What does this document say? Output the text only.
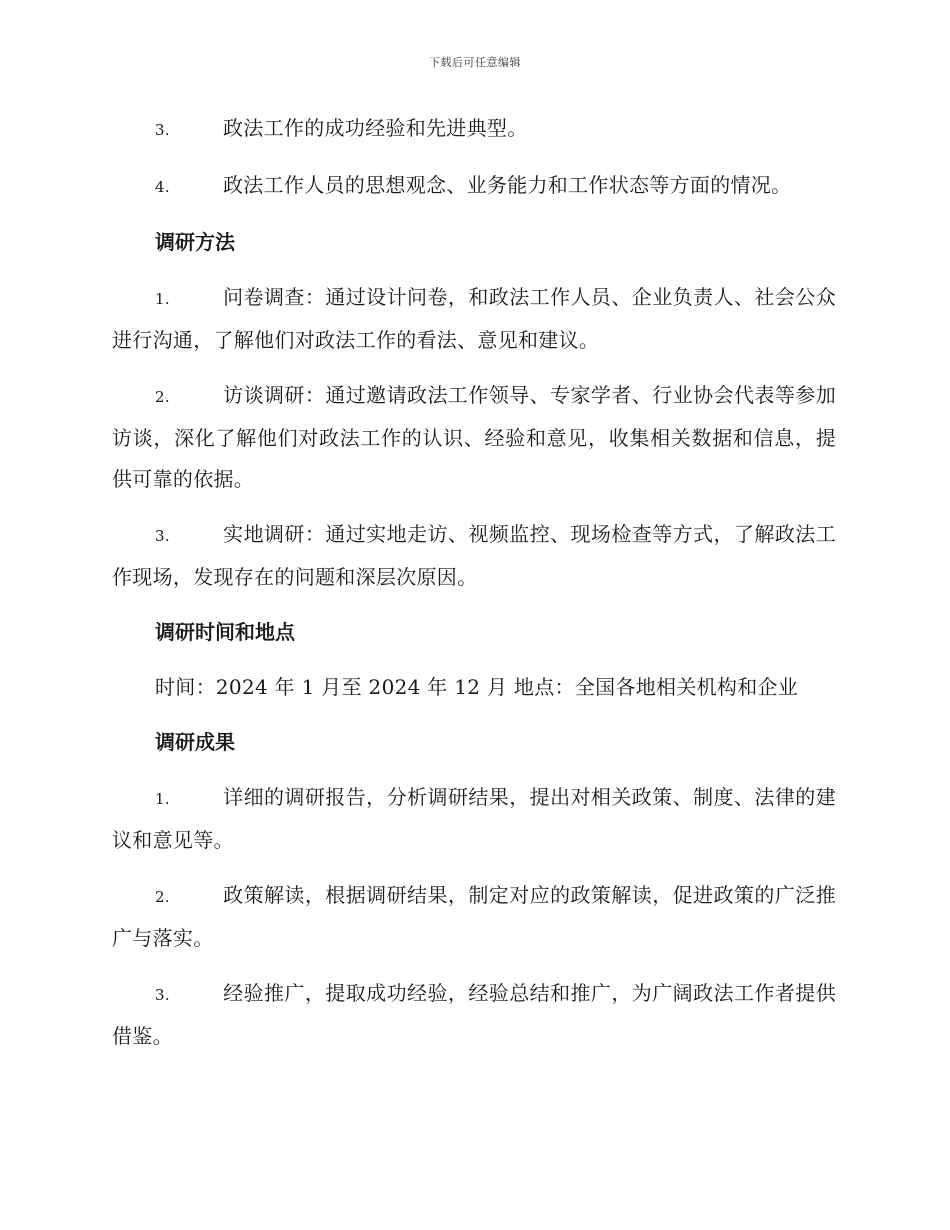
下载后可任意编辑

3.	政法工作的成功经验和先进典型。

4.	政法工作人员的思想观念、业务能力和工作状态等方面的情况。

调研方法

1.	问卷调查：通过设计问卷，和政法工作人员、企业负责人、社会公众进行沟通，了解他们对政法工作的看法、意见和建议。

2.	访谈调研：通过邀请政法工作领导、专家学者、行业协会代表等参加访谈，深化了解他们对政法工作的认识、经验和意见，收集相关数据和信息，提供可靠的依据。

3.	实地调研：通过实地走访、视频监控、现场检查等方式，了解政法工作现场，发现存在的问题和深层次原因。

调研时间和地点

时间：2024 年 1 月至 2024 年 12 月 地点：全国各地相关机构和企业

调研成果

1.	详细的调研报告，分析调研结果，提出对相关政策、制度、法律的建议和意见等。

2.	政策解读，根据调研结果，制定对应的政策解读，促进政策的广泛推广与落实。

3.	经验推广，提取成功经验，经验总结和推广，为广阔政法工作者提供借鉴。
